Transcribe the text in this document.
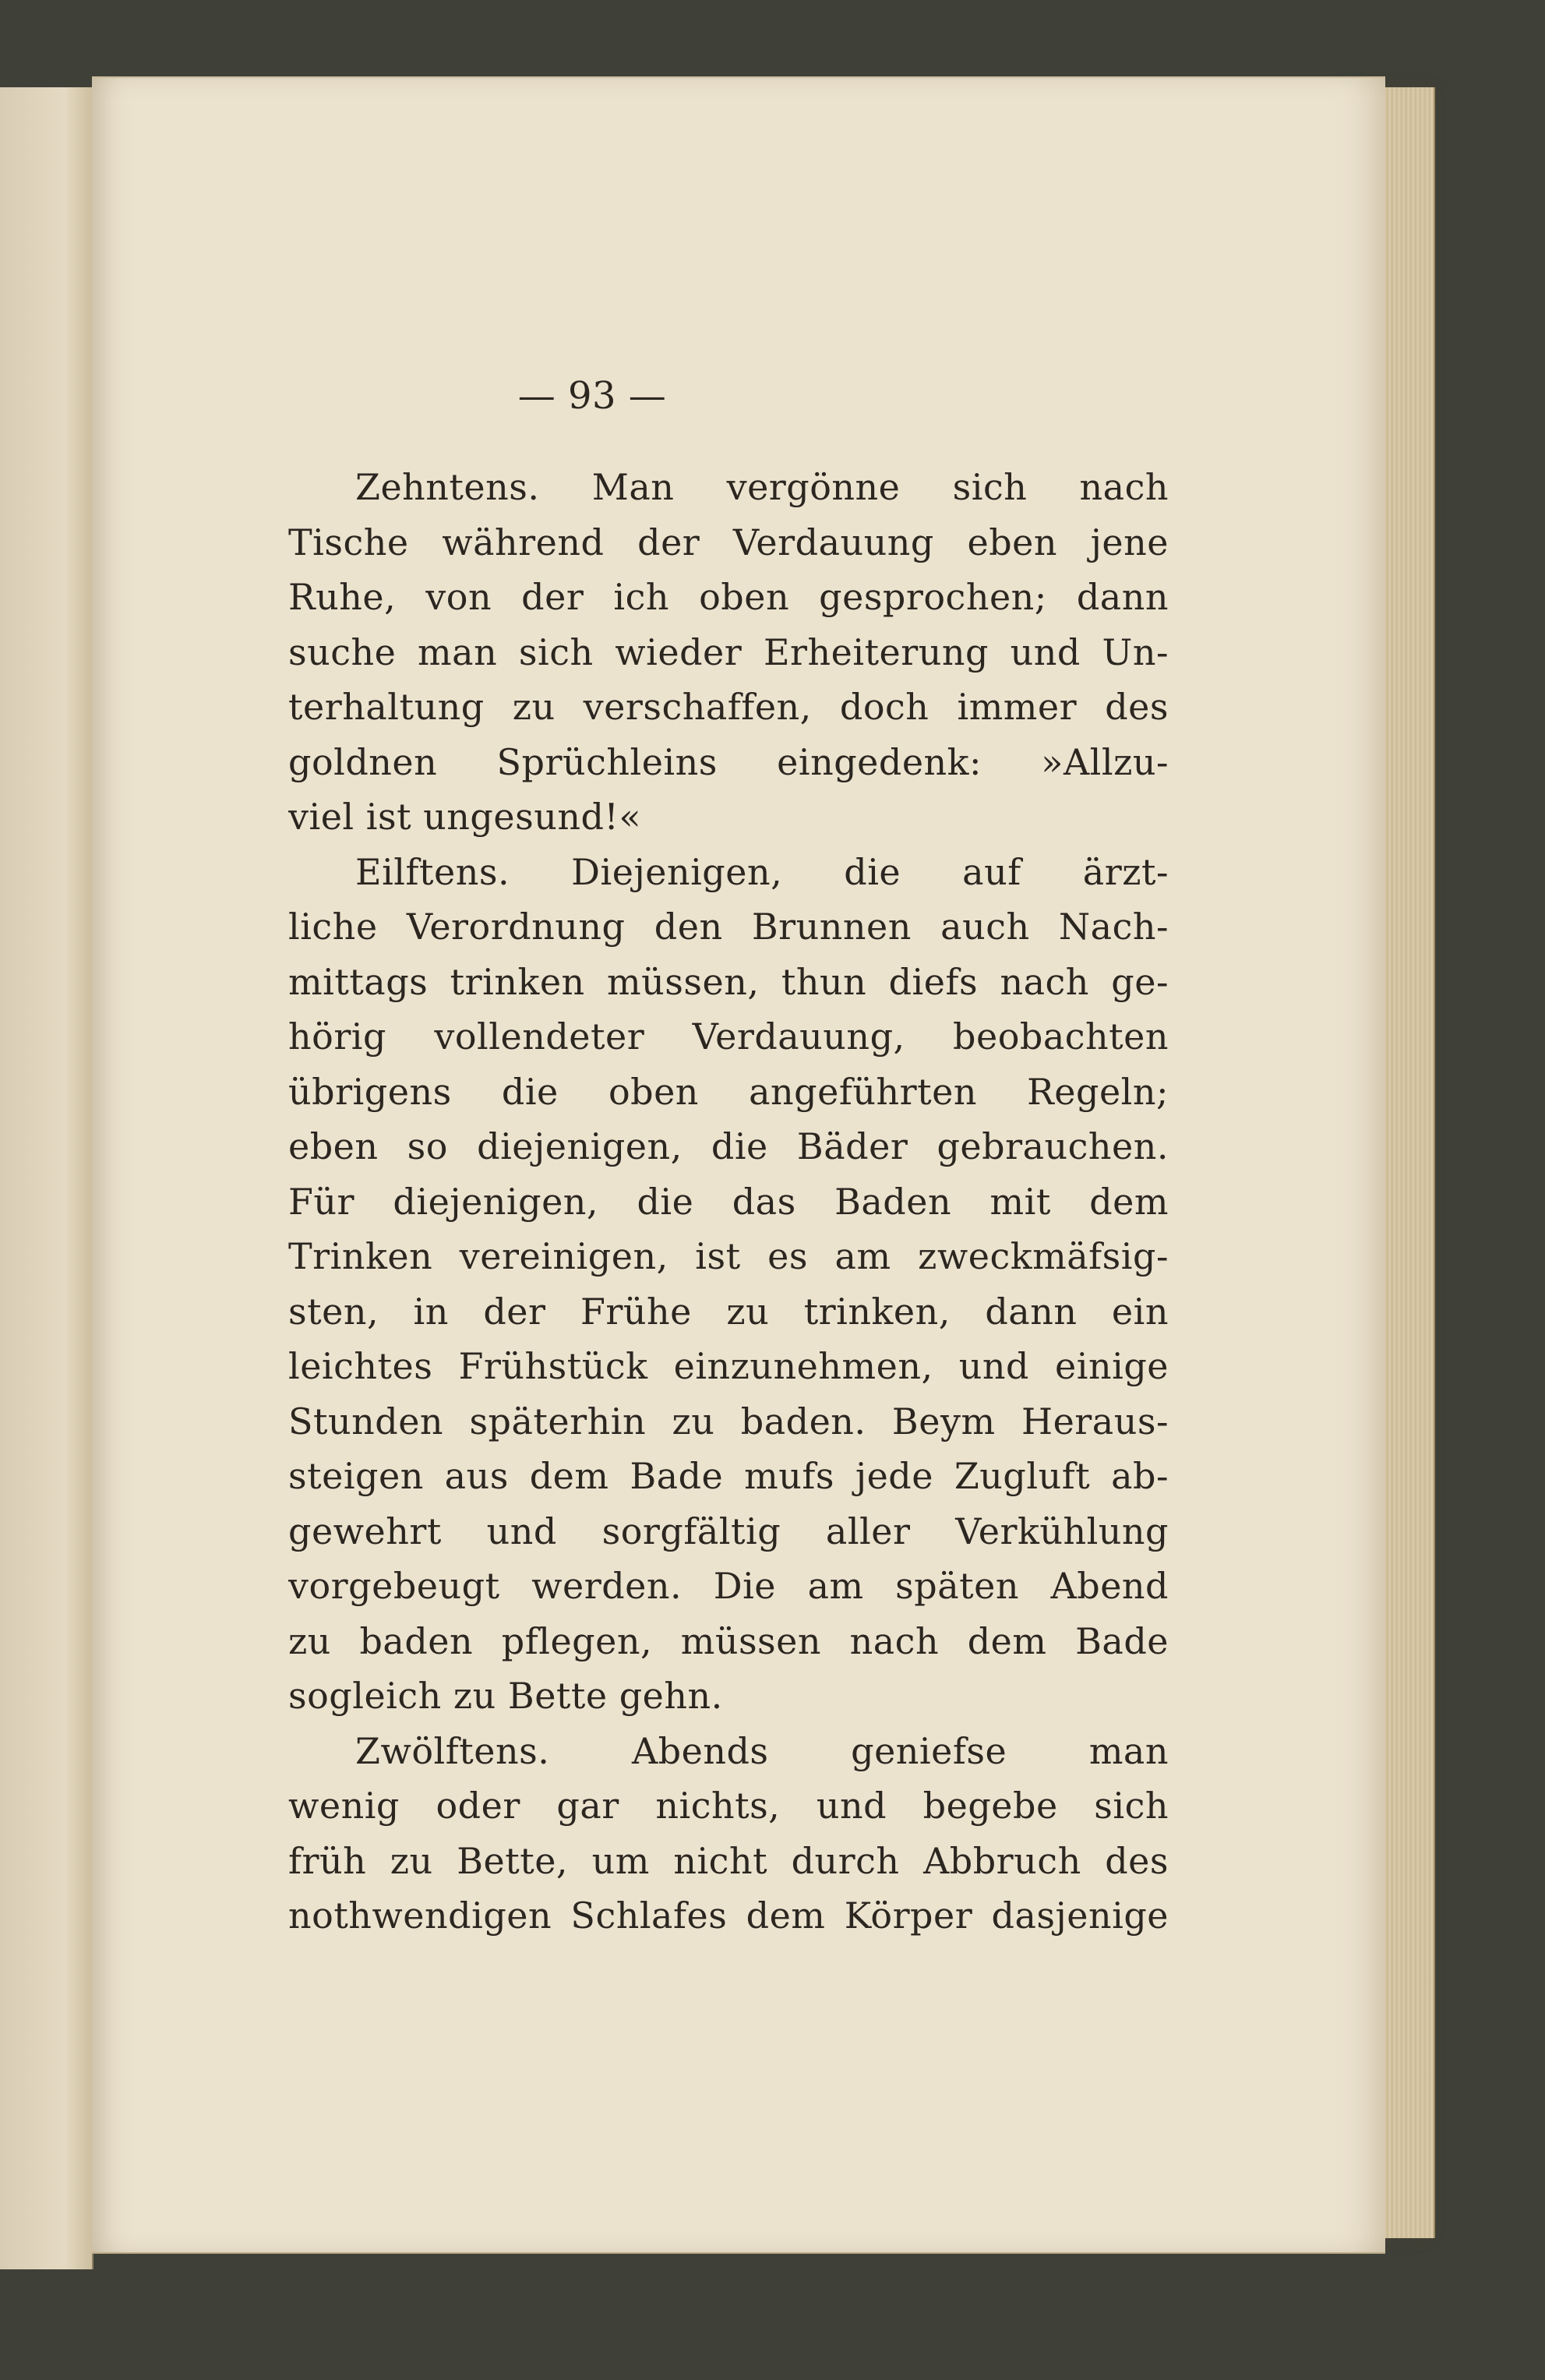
— 93 —
Zehntens. Man vergönne sich nach
Tische während der Verdauung eben jene
Ruhe, von der ich oben gesprochen; dann
suche man sich wieder Erheiterung und Un-
terhaltung zu verschaffen, doch immer des
goldnen Sprüchleins eingedenk: »Allzu-
viel ist ungesund!«
Eilftens. Diejenigen, die auf ärzt-
liche Verordnung den Brunnen auch Nach-
mittags trinken müssen, thun diefs nach ge-
hörig vollendeter Verdauung, beobachten
übrigens die oben angeführten Regeln;
eben so diejenigen, die Bäder gebrauchen.
Für diejenigen, die das Baden mit dem
Trinken vereinigen, ist es am zweckmäfsig-
sten, in der Frühe zu trinken, dann ein
leichtes Frühstück einzunehmen, und einige
Stunden späterhin zu baden. Beym Heraus-
steigen aus dem Bade mufs jede Zugluft ab-
gewehrt und sorgfältig aller Verkühlung
vorgebeugt werden. Die am späten Abend
zu baden pflegen, müssen nach dem Bade
sogleich zu Bette gehn.
Zwölftens. Abends geniefse man
wenig oder gar nichts, und begebe sich
früh zu Bette, um nicht durch Abbruch des
nothwendigen Schlafes dem Körper dasjenige
